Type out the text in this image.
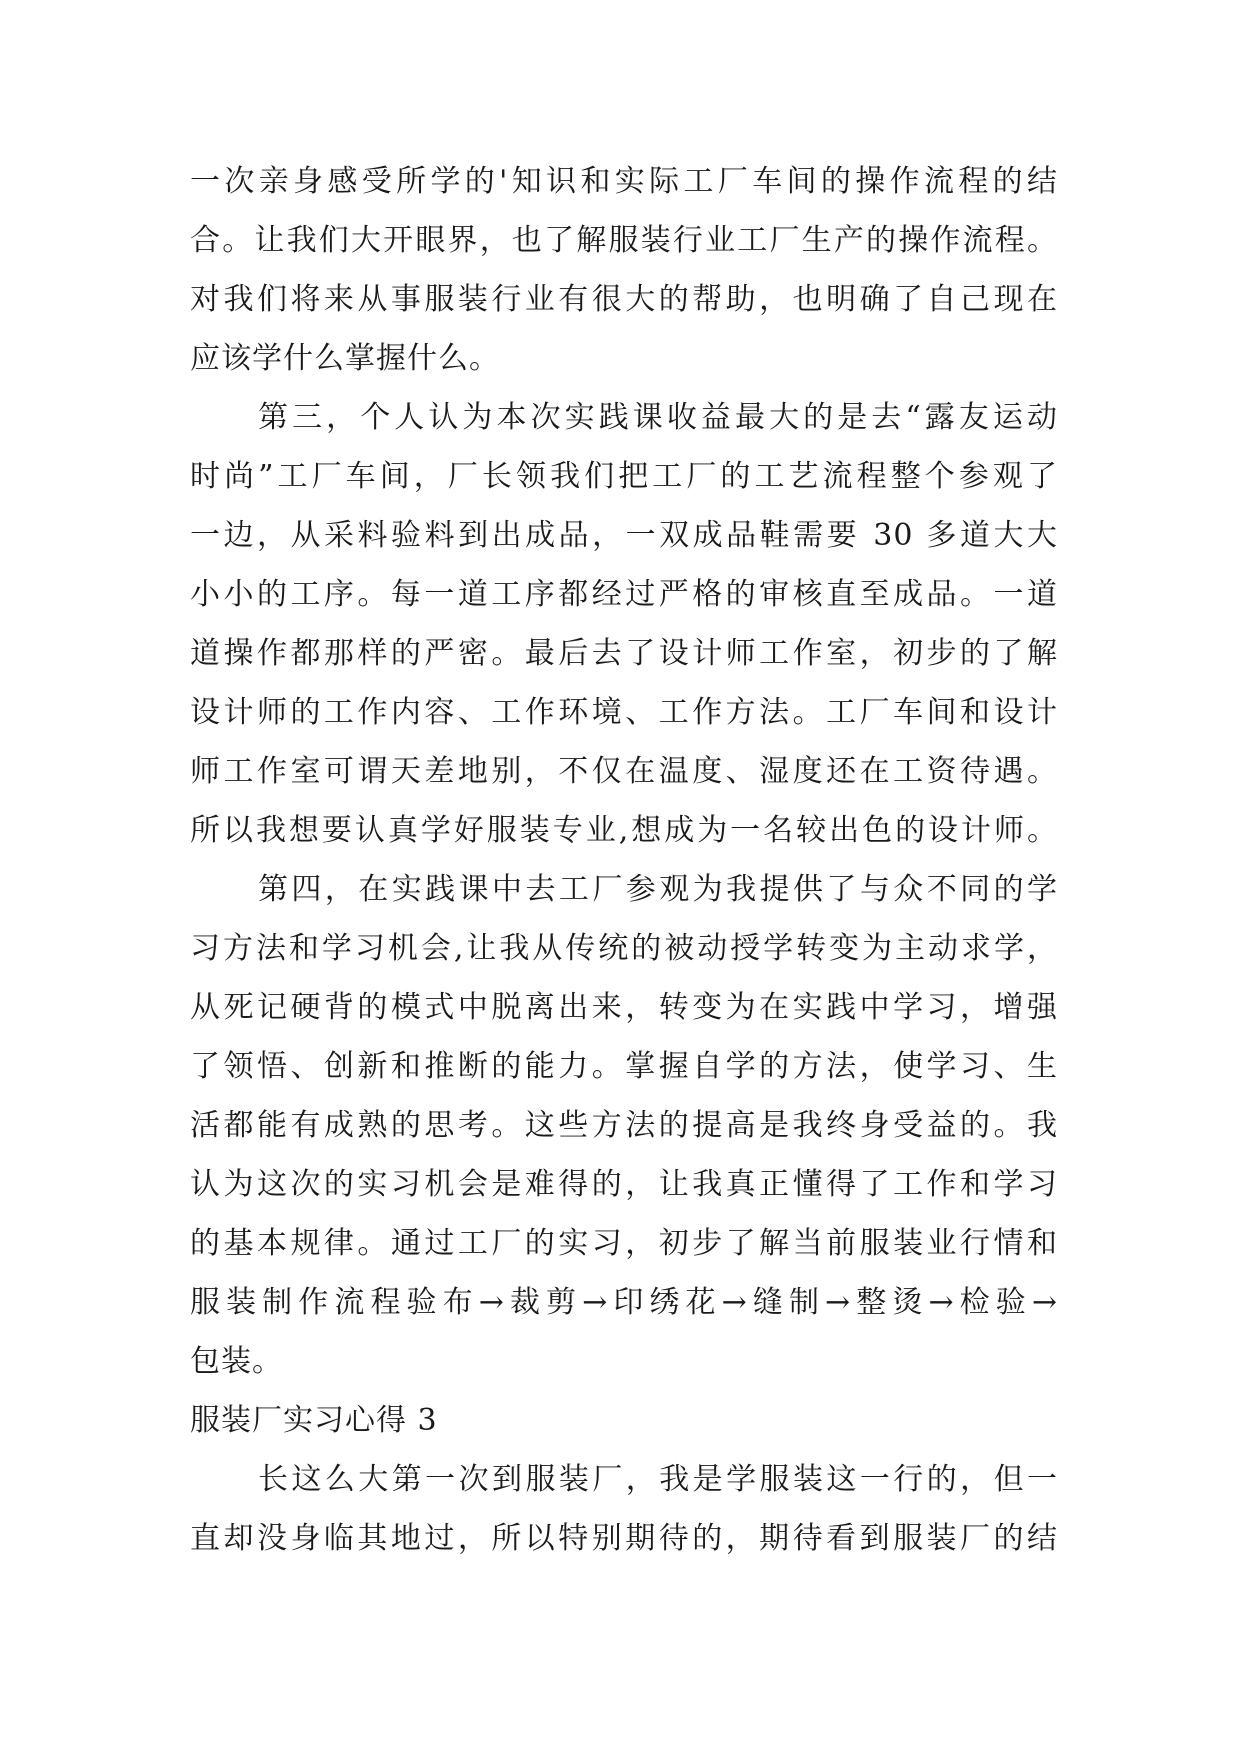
一次亲身感受所学的'知识和实际工厂车间的操作流程的结
合。让我们大开眼界，也了解服装行业工厂生产的操作流程。
对我们将来从事服装行业有很大的帮助，也明确了自己现在
应该学什么掌握什么。
第三，个人认为本次实践课收益最大的是去“露友运动
时尚”工厂车间，厂长领我们把工厂的工艺流程整个参观了
一边，从采料验料到出成品，一双成品鞋需要 30 多道大大
小小的工序。每一道工序都经过严格的审核直至成品。一道
道操作都那样的严密。最后去了设计师工作室，初步的了解
设计师的工作内容、工作环境、工作方法。工厂车间和设计
师工作室可谓天差地别，不仅在温度、湿度还在工资待遇。
所以我想要认真学好服装专业,想成为一名较出色的设计师。
第四，在实践课中去工厂参观为我提供了与众不同的学
习方法和学习机会,让我从传统的被动授学转变为主动求学，
从死记硬背的模式中脱离出来，转变为在实践中学习，增强
了领悟、创新和推断的能力。掌握自学的方法，使学习、生
活都能有成熟的思考。这些方法的提高是我终身受益的。我
认为这次的实习机会是难得的，让我真正懂得了工作和学习
的基本规律。通过工厂的实习，初步了解当前服装业行情和
服装制作流程验布→裁剪→印绣花→缝制→整烫→检验→
包装。
服装厂实习心得 3
长这么大第一次到服装厂，我是学服装这一行的，但一
直却没身临其地过，所以特别期待的，期待看到服装厂的结
